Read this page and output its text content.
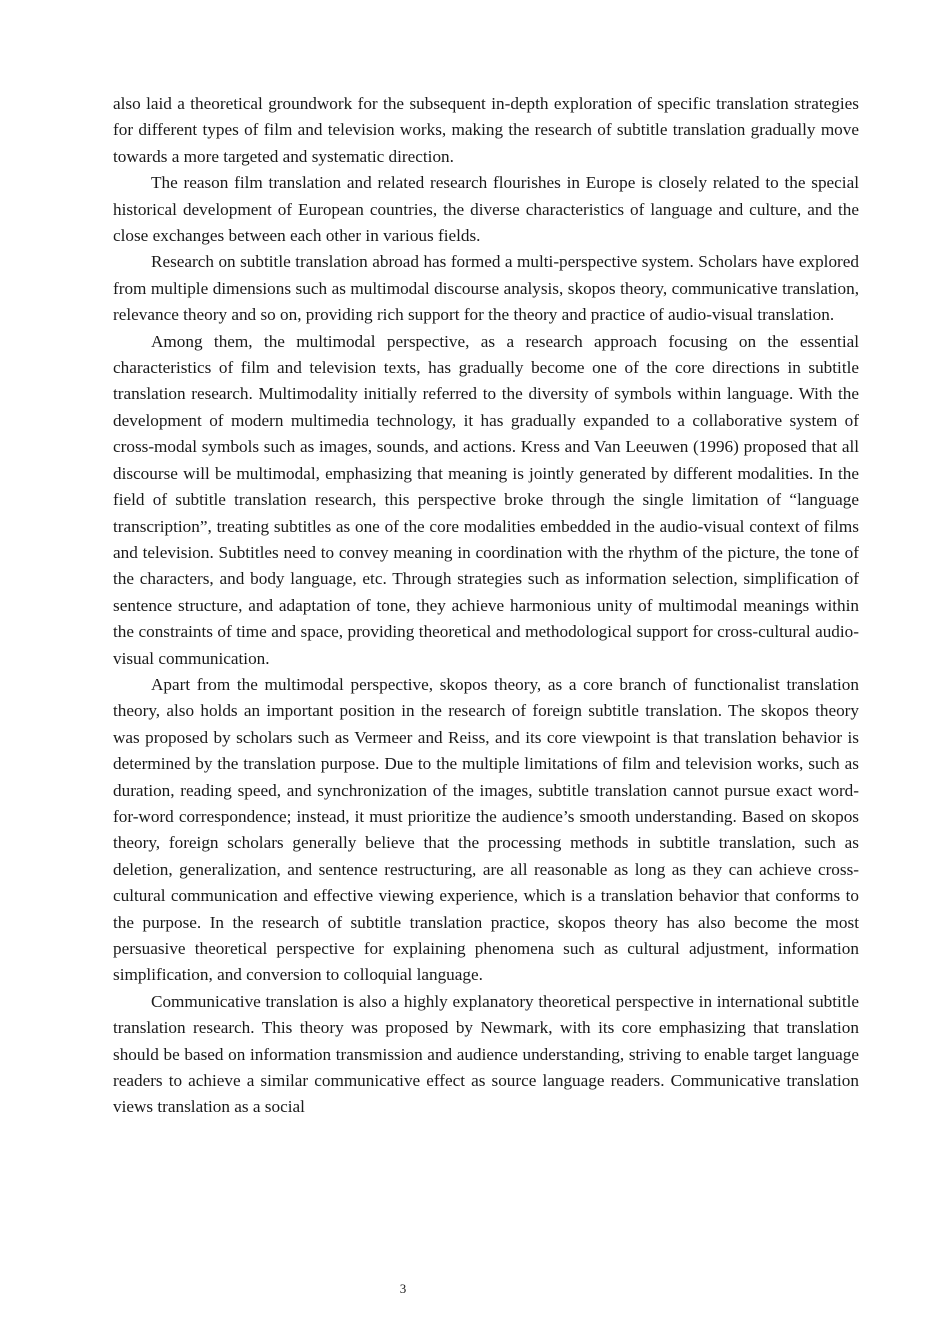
also laid a theoretical groundwork for the subsequent in-depth exploration of specific translation strategies for different types of film and television works, making the research of subtitle translation gradually move towards a more targeted and systematic direction.

The reason film translation and related research flourishes in Europe is closely related to the special historical development of European countries, the diverse characteristics of language and culture, and the close exchanges between each other in various fields.

Research on subtitle translation abroad has formed a multi-perspective system. Scholars have explored from multiple dimensions such as multimodal discourse analysis, skopos theory, communicative translation, relevance theory and so on, providing rich support for the theory and practice of audio-visual translation.

Among them, the multimodal perspective, as a research approach focusing on the essential characteristics of film and television texts, has gradually become one of the core directions in subtitle translation research. Multimodality initially referred to the diversity of symbols within language. With the development of modern multimedia technology, it has gradually expanded to a collaborative system of cross-modal symbols such as images, sounds, and actions. Kress and Van Leeuwen (1996) proposed that all discourse will be multimodal, emphasizing that meaning is jointly generated by different modalities. In the field of subtitle translation research, this perspective broke through the single limitation of “language transcription”, treating subtitles as one of the core modalities embedded in the audio-visual context of films and television. Subtitles need to convey meaning in coordination with the rhythm of the picture, the tone of the characters, and body language, etc. Through strategies such as information selection, simplification of sentence structure, and adaptation of tone, they achieve harmonious unity of multimodal meanings within the constraints of time and space, providing theoretical and methodological support for cross-cultural audio-visual communication.

Apart from the multimodal perspective, skopos theory, as a core branch of functionalist translation theory, also holds an important position in the research of foreign subtitle translation. The skopos theory was proposed by scholars such as Vermeer and Reiss, and its core viewpoint is that translation behavior is determined by the translation purpose. Due to the multiple limitations of film and television works, such as duration, reading speed, and synchronization of the images, subtitle translation cannot pursue exact word-for-word correspondence; instead, it must prioritize the audience’s smooth understanding. Based on skopos theory, foreign scholars generally believe that the processing methods in subtitle translation, such as deletion, generalization, and sentence restructuring, are all reasonable as long as they can achieve cross-cultural communication and effective viewing experience, which is a translation behavior that conforms to the purpose. In the research of subtitle translation practice, skopos theory has also become the most persuasive theoretical perspective for explaining phenomena such as cultural adjustment, information simplification, and conversion to colloquial language.

Communicative translation is also a highly explanatory theoretical perspective in international subtitle translation research. This theory was proposed by Newmark, with its core emphasizing that translation should be based on information transmission and audience understanding, striving to enable target language readers to achieve a similar communicative effect as source language readers. Communicative translation views translation as a social

3
